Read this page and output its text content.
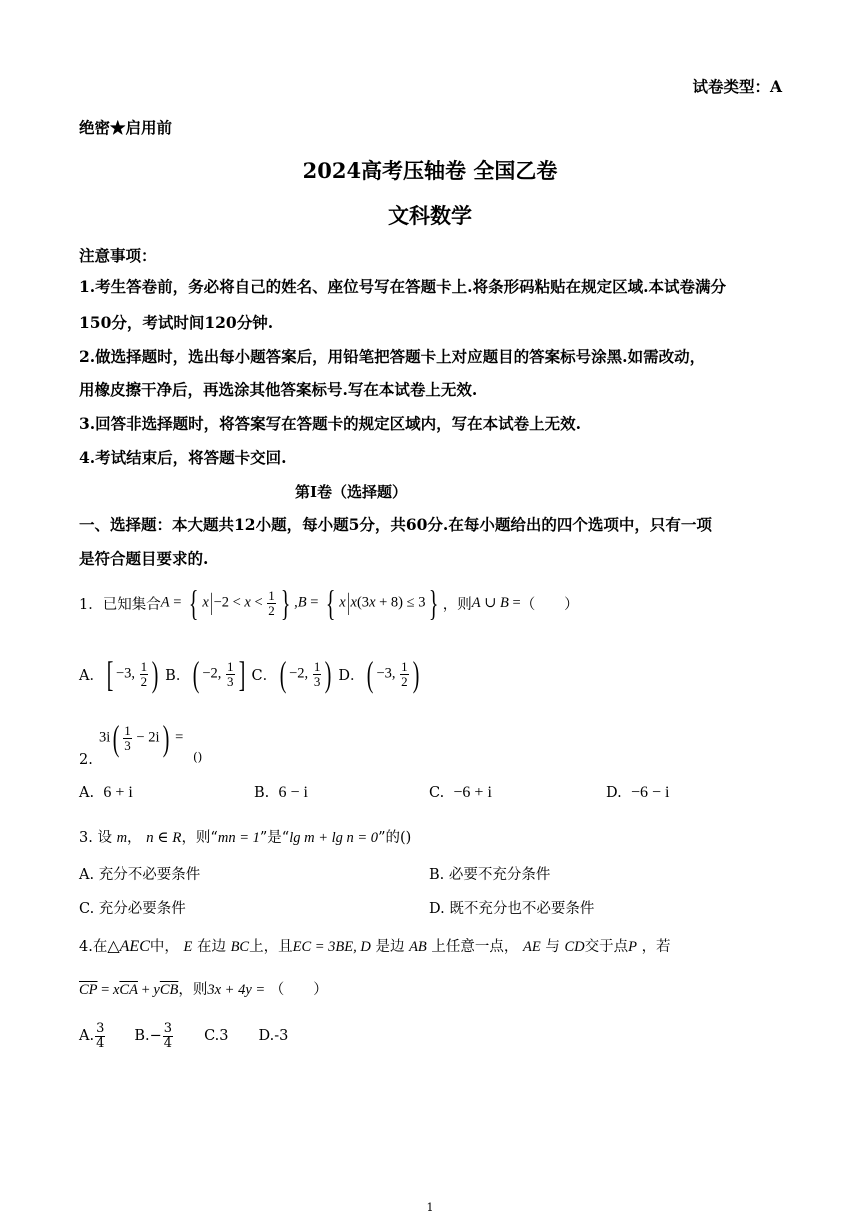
试卷类型：A
绝密★启用前
2024高考压轴卷 全国乙卷
文科数学
注意事项：
1.考生答卷前，务必将自己的姓名、座位号写在答题卡上.将条形码粘贴在规定区域.本试卷满分
150分，考试时间120分钟.
2.做选择题时，选出每小题答案后，用铅笔把答题卡上对应题目的答案标号涂黑.如需改动，
用橡皮擦干净后，再选涂其他答案标号.写在本试卷上无效.
3.回答非选择题时，将答案写在答题卡的规定区域内，写在本试卷上无效.
4.考试结束后，将答题卡交回.
第Ⅰ卷（选择题）
一、选择题：本大题共12小题，每小题5分，共60分.在每小题给出的四个选项中，只有一项
是符合题目要求的.
1．已知集合 A = { $x|-2 < x < \frac{1}{2}$ } ,B = { x|x(3x + 8) ≤ 3 } ，则 A ∪ B = （　　）
A． [ −3, $\frac{1}{2}$ ) B． ( −2, $\frac{1}{3}$ ] C． ( −2, $\frac{1}{3}$ ) D． ( −3, $\frac{1}{2}$ )
2.
$3i( \frac{1}{3} - 2i)$ =
()
A. 6 + i	B. 6 − i	C. −6 + i	D. −6 − i
3. 设 m， n ∈ R，则“mn = 1”是“lg m + lg n = 0”的()
A. 充分不必要条件	B. 必要不充分条件
C. 充分必要条件	D. 既不充分也不必要条件
4.在△AEC中， E 在边 BC上，且EC = 3BE, D 是边 AB 上任意一点， AE 与 CD交于点P ，若
$\overline{CP} = x\overline{CA} + y\overline{CB}$，则3x + 4y = （　　）
A. $\frac{3}{4} B.- \frac{3}{4} C.3$ D.-3
1
